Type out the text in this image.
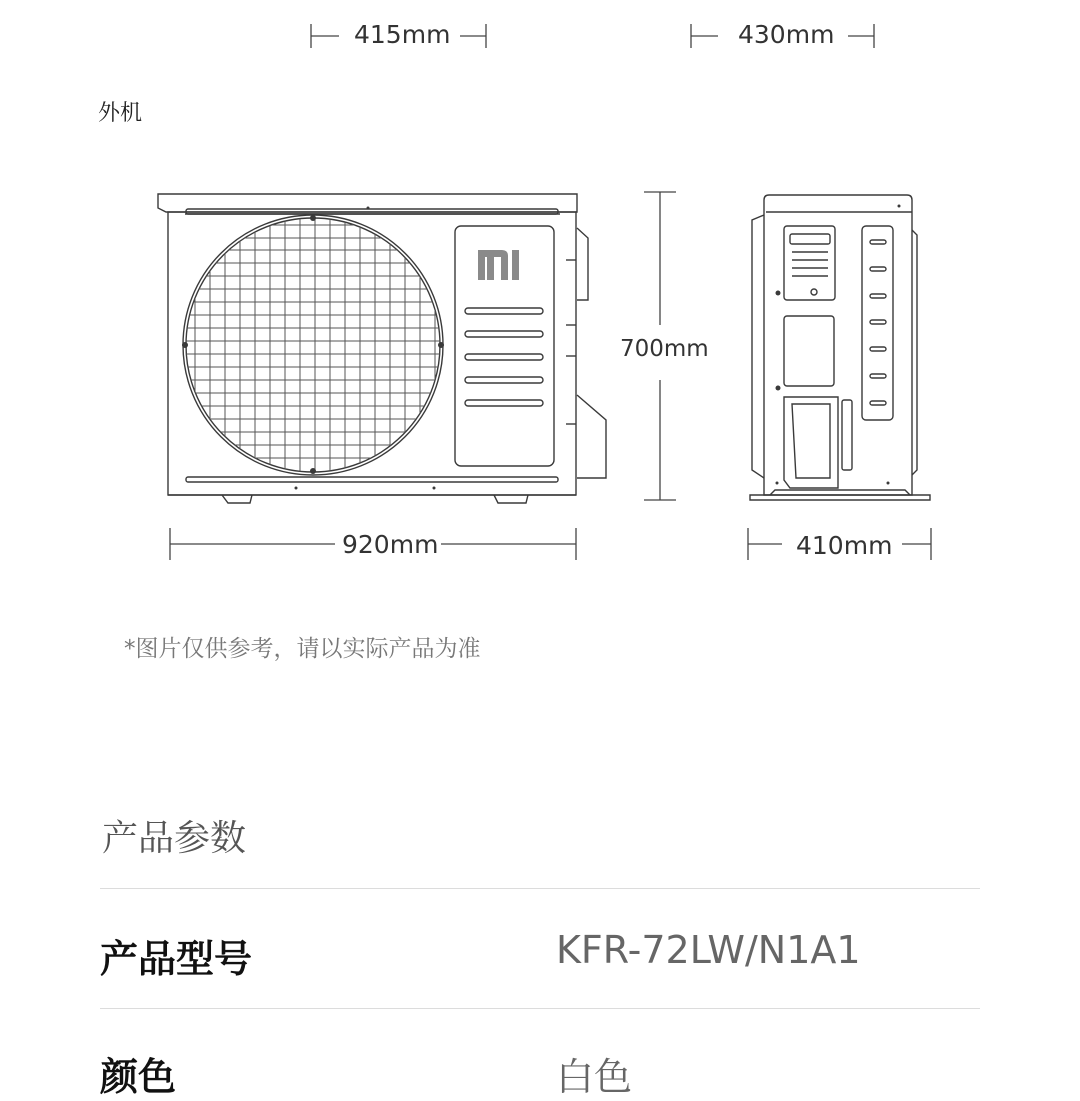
415mm	430mm
外机
700mm
920mm	410mm
*图片仅供参考，请以实际产品为准
产品参数
产品型号	KFR-72LW/N1A1
颜色	白色
